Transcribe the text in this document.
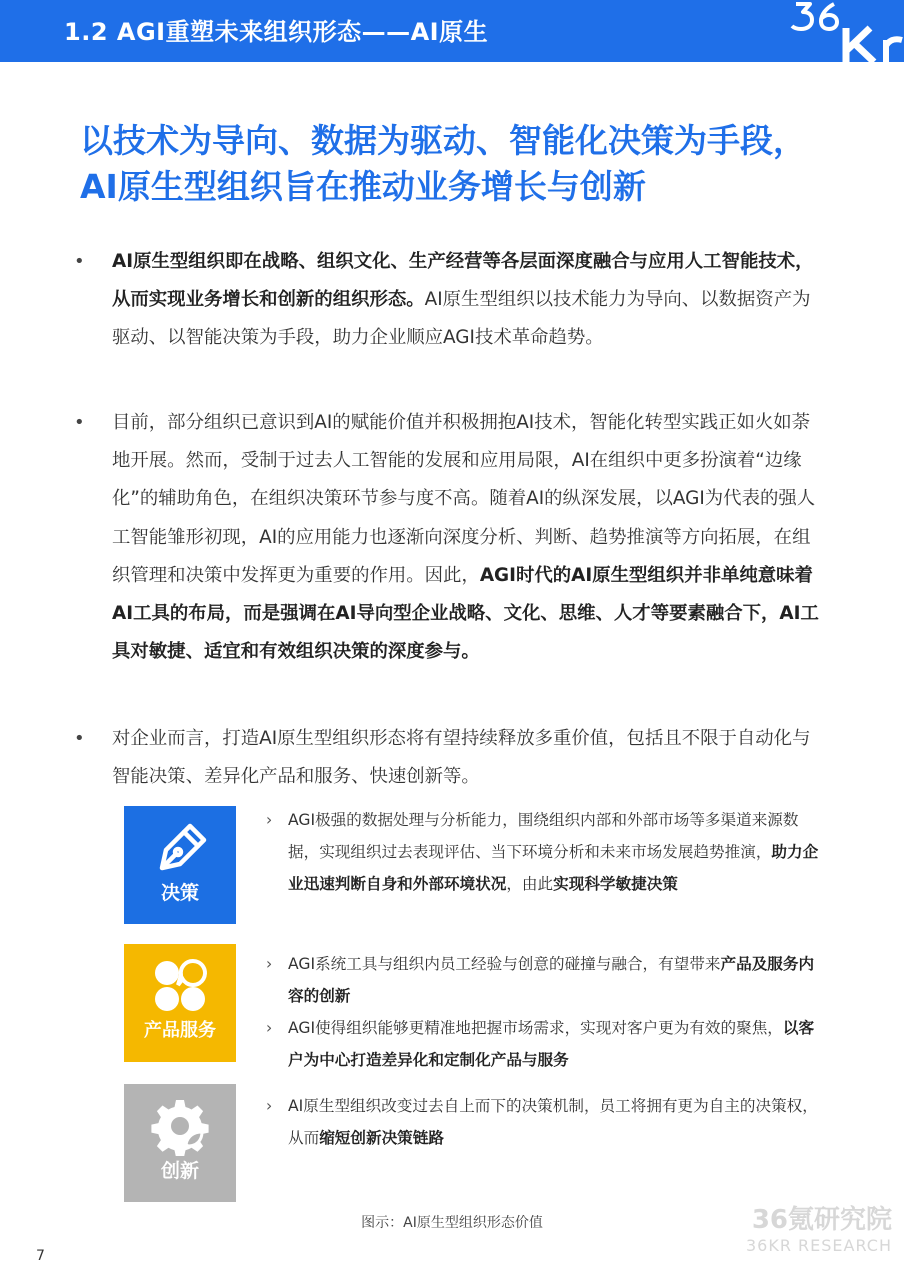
1.2 AGI重塑未来组织形态——AI原生
以技术为导向、数据为驱动、智能化决策为手段，
AI原生型组织旨在推动业务增长与创新
• AI原生型组织即在战略、组织文化、生产经营等各层面深度融合与应用人工智能技术，从而实现业务增长和创新的组织形态。AI原生型组织以技术能力为导向、以数据资产为驱动、以智能决策为手段，助力企业顺应AGI技术革命趋势。
• 目前，部分组织已意识到AI的赋能价值并积极拥抱AI技术，智能化转型实践正如火如荼地开展。然而，受制于过去人工智能的发展和应用局限，AI在组织中更多扮演着“边缘化”的辅助角色，在组织决策环节参与度不高。随着AI的纵深发展，以AGI为代表的强人工智能雏形初现，AI的应用能力也逐渐向深度分析、判断、趋势推演等方向拓展，在组织管理和决策中发挥更为重要的作用。因此，AGI时代的AI原生型组织并非单纯意味着AI工具的布局，而是强调在AI导向型企业战略、文化、思维、人才等要素融合下，AI工具对敏捷、适宜和有效组织决策的深度参与。
• 对企业而言，打造AI原生型组织形态将有望持续释放多重价值，包括且不限于自动化与智能决策、差异化产品和服务、快速创新等。
决策
› AGI极强的数据处理与分析能力，围绕组织内部和外部市场等多渠道来源数据，实现组织过去表现评估、当下环境分析和未来市场发展趋势推演，助力企业迅速判断自身和外部环境状况，由此实现科学敏捷决策
产品服务
› AGI系统工具与组织内员工经验与创意的碰撞与融合，有望带来产品及服务内容的创新
› AGI使得组织能够更精准地把握市场需求，实现对客户更为有效的聚焦，以客户为中心打造差异化和定制化产品与服务
创新
› AI原生型组织改变过去自上而下的决策机制，员工将拥有更为自主的决策权，从而缩短创新决策链路
图示：AI原生型组织形态价值	36氪研究院
36KR RESEARCH
7
